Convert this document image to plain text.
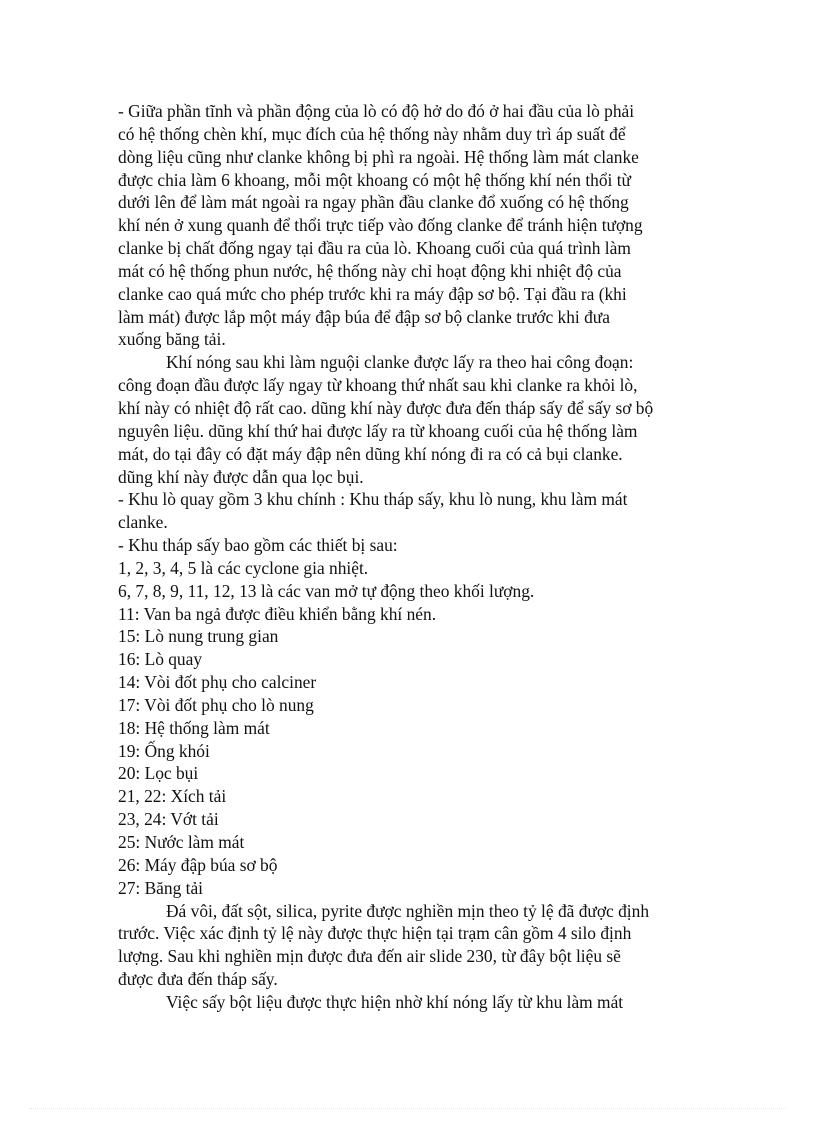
- Giữa phần tĩnh và phần động của lò có độ hở do đó ở hai đầu của lò phải
có hệ thống chèn khí, mục đích của hệ thống này nhằm duy trì áp suất để
dòng liệu cũng như clanke không bị phì ra ngoài. Hệ thống làm mát clanke
được chia làm 6 khoang, mỗi một khoang có một hệ thống khí nén thổi từ
dưới lên để làm mát ngoài ra ngay phần đầu clanke đổ xuống có hệ thống
khí nén ở xung quanh để thổi trực tiếp vào đống clanke để tránh hiện tượng
clanke bị chất đống ngay tại đầu ra của lò. Khoang cuối của quá trình làm
mát có hệ thống phun nước, hệ thống này chỉ hoạt động khi nhiệt độ của
clanke cao quá mức cho phép trước khi ra máy đập sơ bộ. Tại đầu ra (khi
làm mát) được lắp một máy đập búa để đập sơ bộ clanke trước khi đưa
xuống băng tải.

Khí nóng sau khi làm nguội clanke được lấy ra theo hai công đoạn:
công đoạn đầu được lấy ngay từ khoang thứ nhất sau khi clanke ra khỏi lò,
khí này có nhiệt độ rất cao. dũng khí này được đưa đến tháp sấy để sấy sơ bộ
nguyên liệu. dũng khí thứ hai được lấy ra từ khoang cuối của hệ thống làm
mát, do tại đây có đặt máy đập nên dũng khí nóng đi ra có cả bụi clanke.
dũng khí này được dẫn qua lọc bụi.

- Khu lò quay gồm 3 khu chính : Khu tháp sấy, khu lò nung, khu làm mát
clanke.

- Khu tháp sấy bao gồm các thiết bị sau:
1, 2, 3, 4, 5 là các cyclone gia nhiệt.
6, 7, 8, 9, 11, 12, 13 là các van mở tự động theo khối lượng.
11: Van ba ngả được điều khiển bằng khí nén.
15: Lò nung trung gian
16: Lò quay
14: Vòi đốt phụ cho calciner
17: Vòi đốt phụ cho lò nung
18: Hệ thống làm mát
19: Ống khói
20: Lọc bụi
21, 22: Xích tải
23, 24: Vớt tải
25: Nước làm mát
26: Máy đập búa sơ bộ
27: Băng tải

Đá vôi, đất sột, silica, pyrite được nghiền mịn theo tỷ lệ đã được định
trước. Việc xác định tỷ lệ này được thực hiện tại trạm cân gồm 4 silo định
lượng. Sau khi nghiền mịn được đưa đến air slide 230, từ đây bột liệu sẽ
được đưa đến tháp sấy.

Việc sấy bột liệu được thực hiện nhờ khí nóng lấy từ khu làm mát
